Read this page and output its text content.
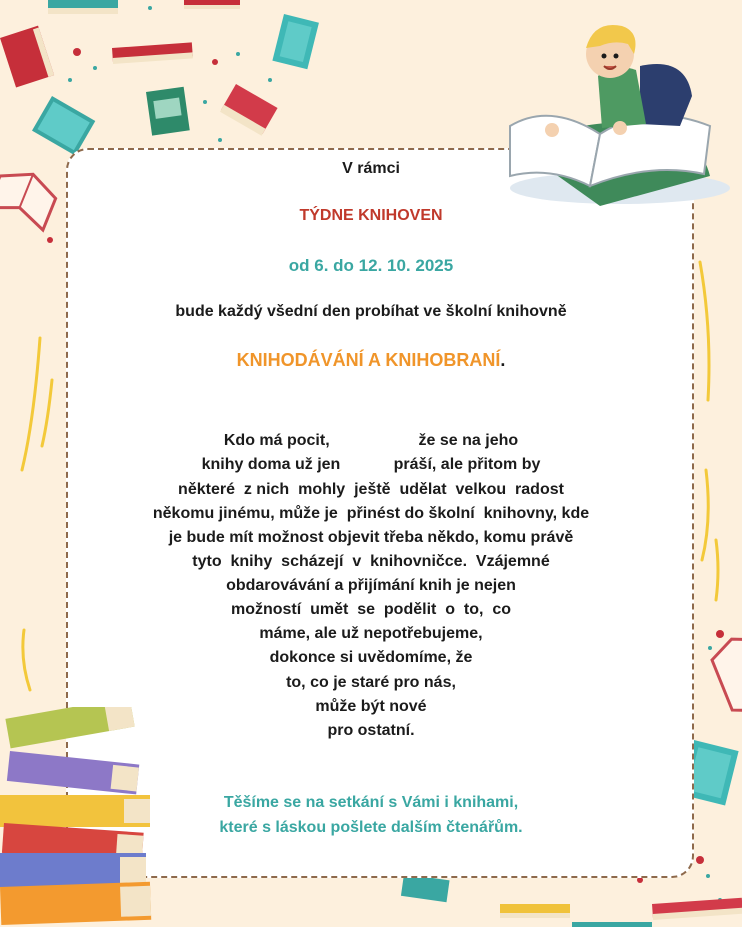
V rámci
TÝDNE KNIHOVEN
od 6. do 12. 10. 2025
bude každý všední den probíhat ve školní knihovně
KNIHODÁVÁNÍ A KNIHOBRANÍ.
Kdo má pocit,                    že se na jeho
knihy doma už jen            práší, ale přitom by
některé  z nich  mohly  ještě  udělat  velkou  radost
někomu jinému, může je  přinést do školní  knihovny, kde
je bude mít možnost objevit třeba někdo, komu právě
tyto  knihy  scházejí  v  knihovničce.  Vzájemné
obdarovávání a přijímání knih je nejen
možností  umět  se  podělit  o  to,  co
máme, ale už nepotřebujeme,
dokonce si uvědomíme, že
to, co je staré pro nás,
může být nové
pro ostatní.
Těšíme se na setkání s Vámi i knihami,
které s láskou pošlete dalším čtenářům.
